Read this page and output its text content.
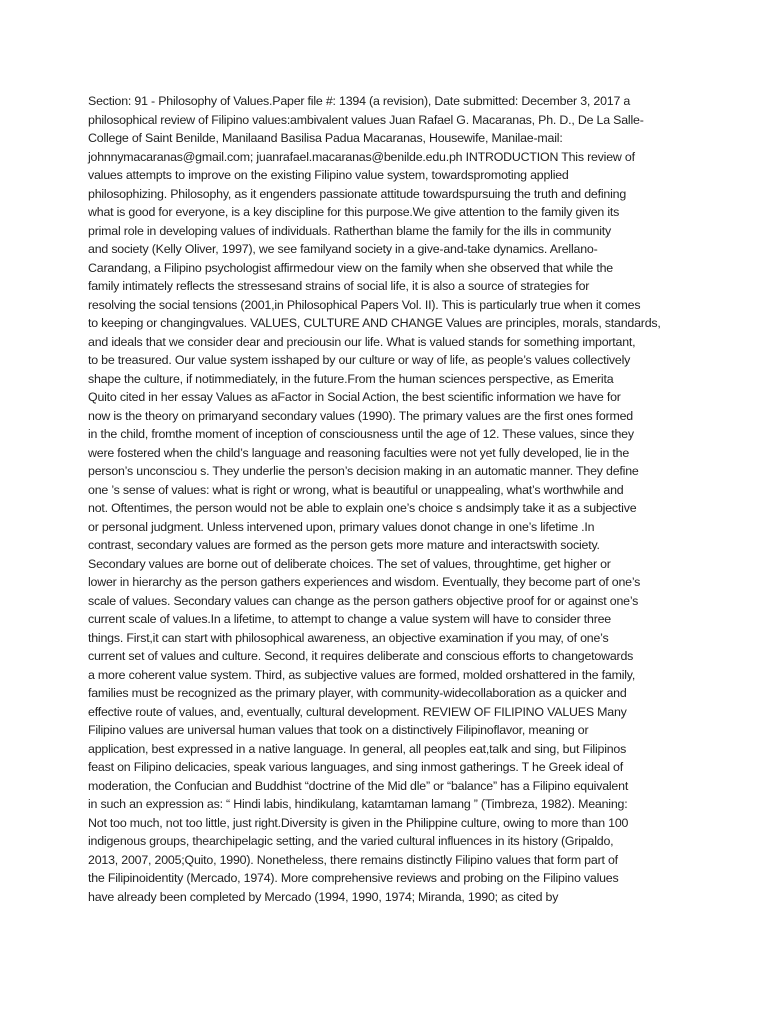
Section: 91 - Philosophy of Values.Paper file #: 1394 (a revision), Date submitted: December 3, 2017 a
philosophical review of Filipino values:ambivalent values Juan Rafael G. Macaranas, Ph. D., De La Salle-
College of Saint Benilde, Manilaand Basilisa Padua Macaranas, Housewife, Manilae-mail:
johnnymacaranas@gmail.com; juanrafael.macaranas@benilde.edu.ph INTRODUCTION This review of
values attempts to improve on the existing Filipino value system, towardspromoting applied
philosophizing. Philosophy, as it engenders passionate attitude towardspursuing the truth and defining
what is good for everyone, is a key discipline for this purpose.We give attention to the family given its
primal role in developing values of individuals. Ratherthan blame the family for the ills in community
and society (Kelly Oliver, 1997), we see familyand society in a give-and-take dynamics. Arellano-
Carandang, a Filipino psychologist affirmedour view on the family when she observed that while the
family intimately reflects the stressesand strains of social life, it is also a source of strategies for
resolving the social tensions (2001,in Philosophical Papers Vol. II). This is particularly true when it comes
to keeping or changingvalues. VALUES, CULTURE AND CHANGE Values are principles, morals, standards,
and ideals that we consider dear and preciousin our life. What is valued stands for something important,
to be treasured. Our value system isshaped by our culture or way of life, as people’s values collectively
shape the culture, if notimmediately, in the future.From the human sciences perspective, as Emerita
Quito cited in her essay Values as aFactor in Social Action, the best scientific information we have for
now is the theory on primaryand secondary values (1990). The primary values are the first ones formed
in the child, fromthe moment of inception of consciousness until the age of 12. These values, since they
were fostered when the child’s language and reasoning faculties were not yet fully developed, lie in the
person’s unconsciou s. They underlie the person’s decision making in an automatic manner. They define
one ’s sense of values: what is right or wrong, what is beautiful or unappealing, what’s worthwhile and
not. Oftentimes, the person would not be able to explain one’s choice s andsimply take it as a subjective
or personal judgment. Unless intervened upon, primary values donot change in one’s lifetime .In
contrast, secondary values are formed as the person gets more mature and interactswith society.
Secondary values are borne out of deliberate choices. The set of values, throughtime, get higher or
lower in hierarchy as the person gathers experiences and wisdom. Eventually, they become part of one’s
scale of values. Secondary values can change as the person gathers objective proof for or against one’s
current scale of values.In a lifetime, to attempt to change a value system will have to consider three
things. First,it can start with philosophical awareness, an objective examination if you may, of one’s
current set of values and culture. Second, it requires deliberate and conscious efforts to changetowards
a more coherent value system. Third, as subjective values are formed, molded orshattered in the family,
families must be recognized as the primary player, with community-widecollaboration as a quicker and
effective route of values, and, eventually, cultural development. REVIEW OF FILIPINO VALUES Many
Filipino values are universal human values that took on a distinctively Filipinoflavor, meaning or
application, best expressed in a native language. In general, all peoples eat,talk and sing, but Filipinos
feast on Filipino delicacies, speak various languages, and sing inmost gatherings. T he Greek ideal of
moderation, the Confucian and Buddhist “doctrine of the Mid dle” or “balance” has a Filipino equivalent
in such an expression as: “ Hindi labis, hindikulang, katamtaman lamang ” (Timbreza, 1982). Meaning:
Not too much, not too little, just right.Diversity is given in the Philippine culture, owing to more than 100
indigenous groups, thearchipelagic setting, and the varied cultural influences in its history (Gripaldo,
2013, 2007, 2005;Quito, 1990). Nonetheless, there remains distinctly Filipino values that form part of
the Filipinoidentity (Mercado, 1974). More comprehensive reviews and probing on the Filipino values
have already been completed by Mercado (1994, 1990, 1974; Miranda, 1990; as cited by
